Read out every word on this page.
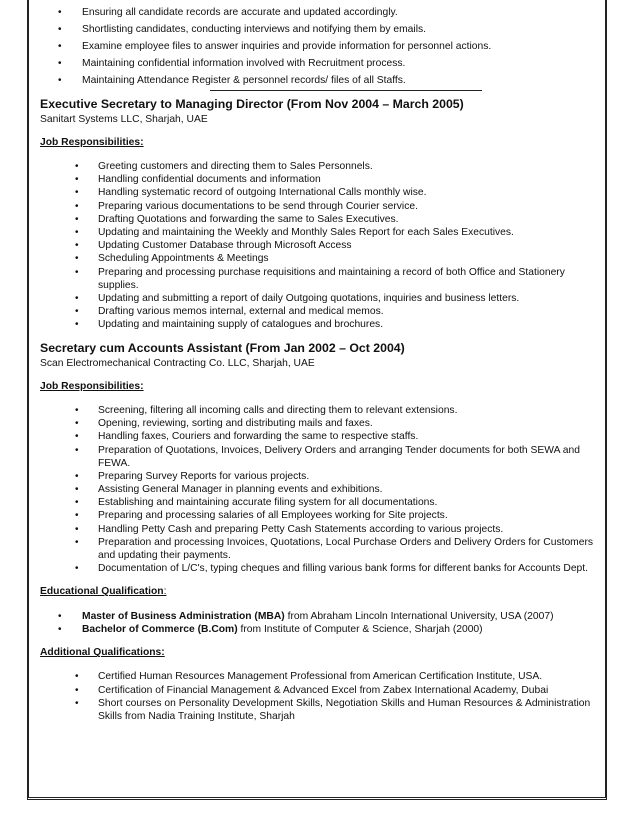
• Ensuring all candidate records are accurate and updated accordingly.
• Shortlisting candidates, conducting interviews and notifying them by emails.
• Examine employee files to answer inquiries and provide information for personnel actions.
• Maintaining confidential information involved with Recruitment process.
• Maintaining Attendance Register & personnel records/ files of all Staffs.
Executive Secretary to Managing Director (From Nov 2004 – March 2005)
Sanitart Systems LLC, Sharjah, UAE
Job Responsibilities:
• Greeting customers and directing them to Sales Personnels.
• Handling confidential documents and information
• Handling systematic record of outgoing International Calls monthly wise.
• Preparing various documentations to be send through Courier service.
• Drafting Quotations and forwarding the same to Sales Executives.
• Updating and maintaining the Weekly and Monthly Sales Report for each Sales Executives.
• Updating Customer Database through Microsoft Access
• Scheduling Appointments & Meetings
• Preparing and processing purchase requisitions and maintaining a record of both Office and Stationery supplies.
• Updating and submitting a report of daily Outgoing quotations, inquiries and business letters.
• Drafting various memos internal, external and medical memos.
• Updating and maintaining supply of catalogues and brochures.
Secretary cum Accounts Assistant (From Jan 2002 – Oct 2004)
Scan Electromechanical Contracting Co. LLC, Sharjah, UAE
Job Responsibilities:
• Screening, filtering all incoming calls and directing them to relevant extensions.
• Opening, reviewing, sorting and distributing mails and faxes.
• Handling faxes, Couriers and forwarding the same to respective staffs.
• Preparation of Quotations, Invoices, Delivery Orders and arranging Tender documents for both SEWA and FEWA.
• Preparing Survey Reports for various projects.
• Assisting General Manager in planning events and exhibitions.
• Establishing and maintaining accurate filing system for all documentations.
• Preparing and processing salaries of all Employees working for Site projects.
• Handling Petty Cash and preparing Petty Cash Statements according to various projects.
• Preparation and processing Invoices, Quotations, Local Purchase Orders and Delivery Orders for Customers and updating their payments.
• Documentation of L/C's, typing cheques and filling various bank forms for different banks for Accounts Dept.
Educational Qualification:
• Master of Business Administration (MBA) from Abraham Lincoln International University, USA (2007)
• Bachelor of Commerce (B.Com) from Institute of Computer & Science, Sharjah (2000)
Additional Qualifications:
• Certified Human Resources Management Professional from American Certification Institute, USA.
• Certification of Financial Management & Advanced Excel from Zabex International Academy, Dubai
• Short courses on Personality Development Skills, Negotiation Skills and Human Resources & Administration Skills from Nadia Training Institute, Sharjah
